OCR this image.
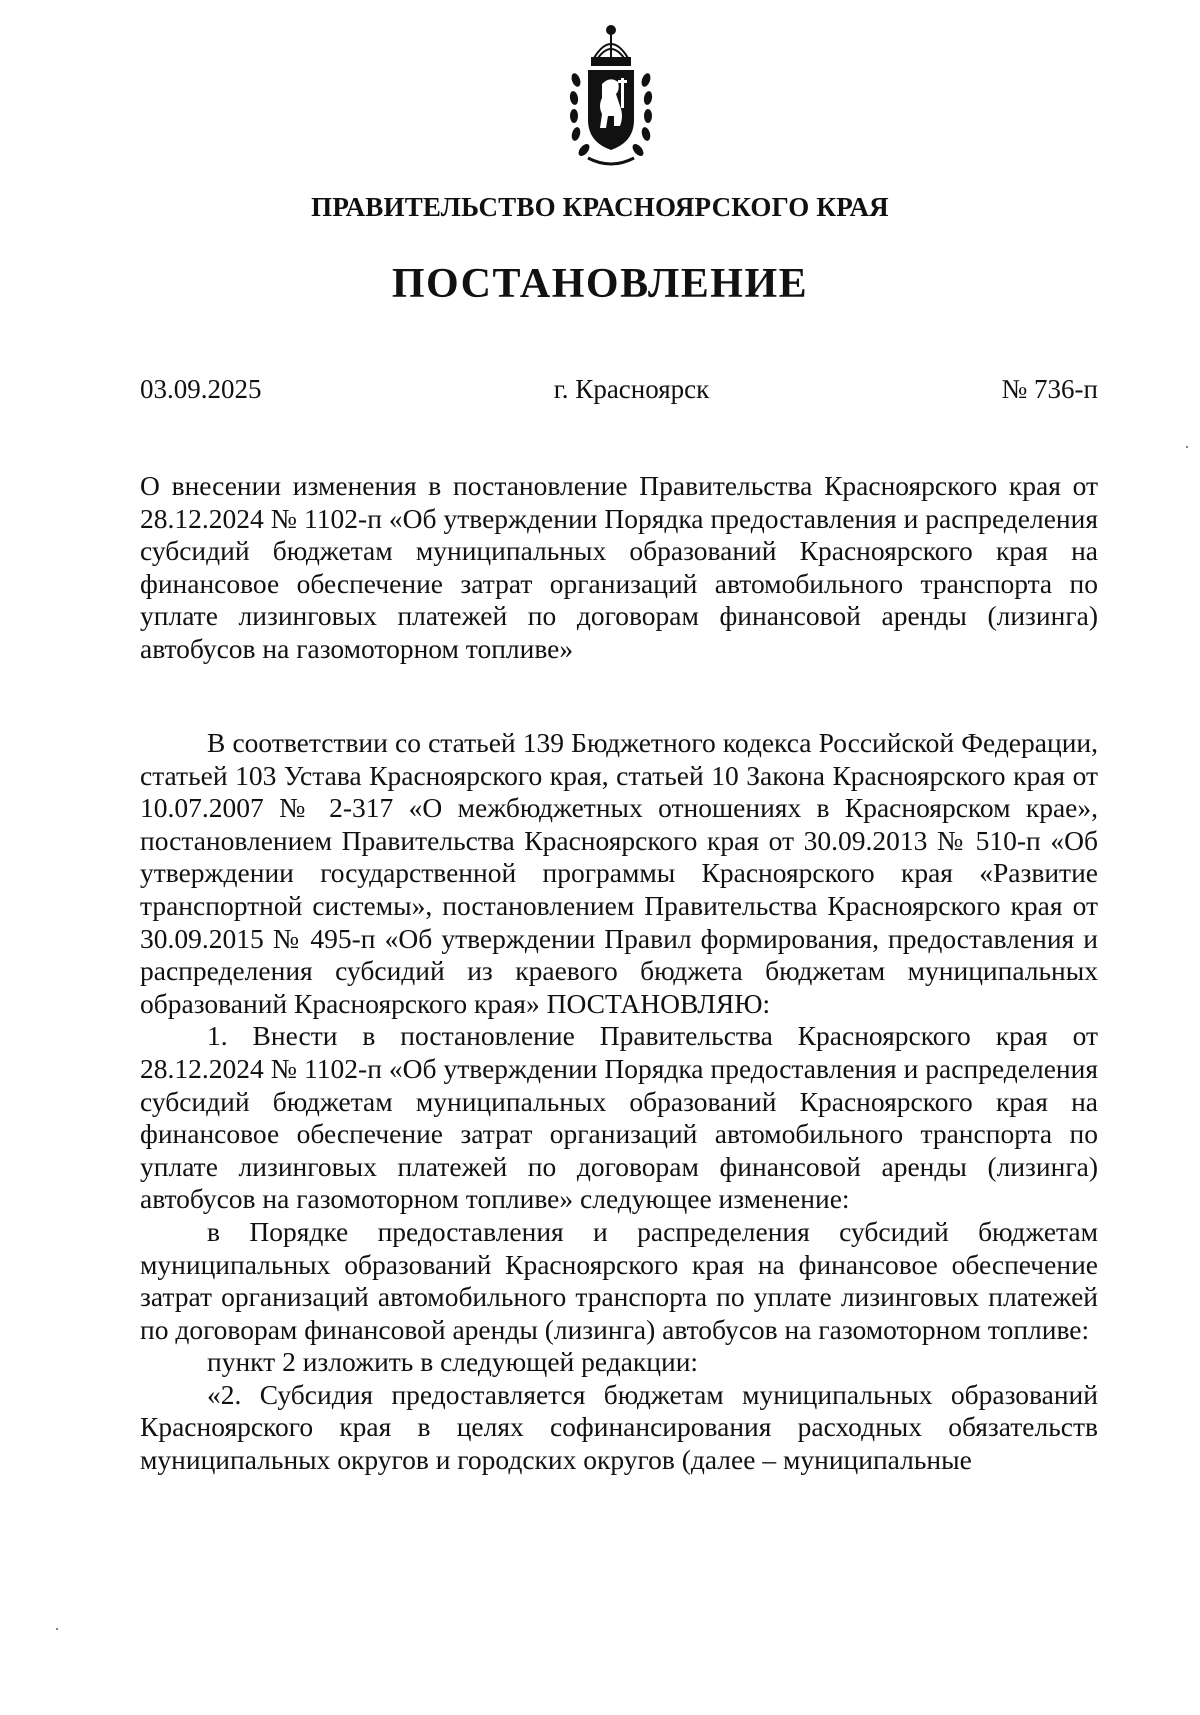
ПРАВИТЕЛЬСТВО КРАСНОЯРСКОГО КРАЯ
ПОСТАНОВЛЕНИЕ
03.09.2025	г. Красноярск	№ 736-п
О внесении изменения в постановление Правительства Красноярского края от 28.12.2024 № 1102-п «Об утверждении Порядка предоставления и распределения субсидий бюджетам муниципальных образований Красноярского края на финансовое обеспечение затрат организаций автомобильного транспорта по уплате лизинговых платежей по договорам финансовой аренды (лизинга) автобусов на газомоторном топливе»

В соответствии со статьей 139 Бюджетного кодекса Российской Федерации, статьей 103 Устава Красноярского края, статьей 10 Закона Красноярского края от 10.07.2007 № 2-317 «О межбюджетных отношениях в Красноярском крае», постановлением Правительства Красноярского края от 30.09.2013 № 510-п «Об утверждении государственной программы Красноярского края «Развитие транспортной системы», постановлением Правительства Красноярского края от 30.09.2015 № 495-п «Об утверждении Правил формирования, предоставления и распределения субсидий из краевого бюджета бюджетам муниципальных образований Красноярского края» ПОСТАНОВЛЯЮ:

1. Внести в постановление Правительства Красноярского края от 28.12.2024 № 1102-п «Об утверждении Порядка предоставления и распределения субсидий бюджетам муниципальных образований Красноярского края на финансовое обеспечение затрат организаций автомобильного транспорта по уплате лизинговых платежей по договорам финансовой аренды (лизинга) автобусов на газомоторном топливе» следующее изменение:

в Порядке предоставления и распределения субсидий бюджетам муниципальных образований Красноярского края на финансовое обеспечение затрат организаций автомобильного транспорта по уплате лизинговых платежей по договорам финансовой аренды (лизинга) автобусов на газомоторном топливе:

пункт 2 изложить в следующей редакции:

«2. Субсидия предоставляется бюджетам муниципальных образований Красноярского края в целях софинансирования расходных обязательств муниципальных округов и городских округов (далее – муниципальные
